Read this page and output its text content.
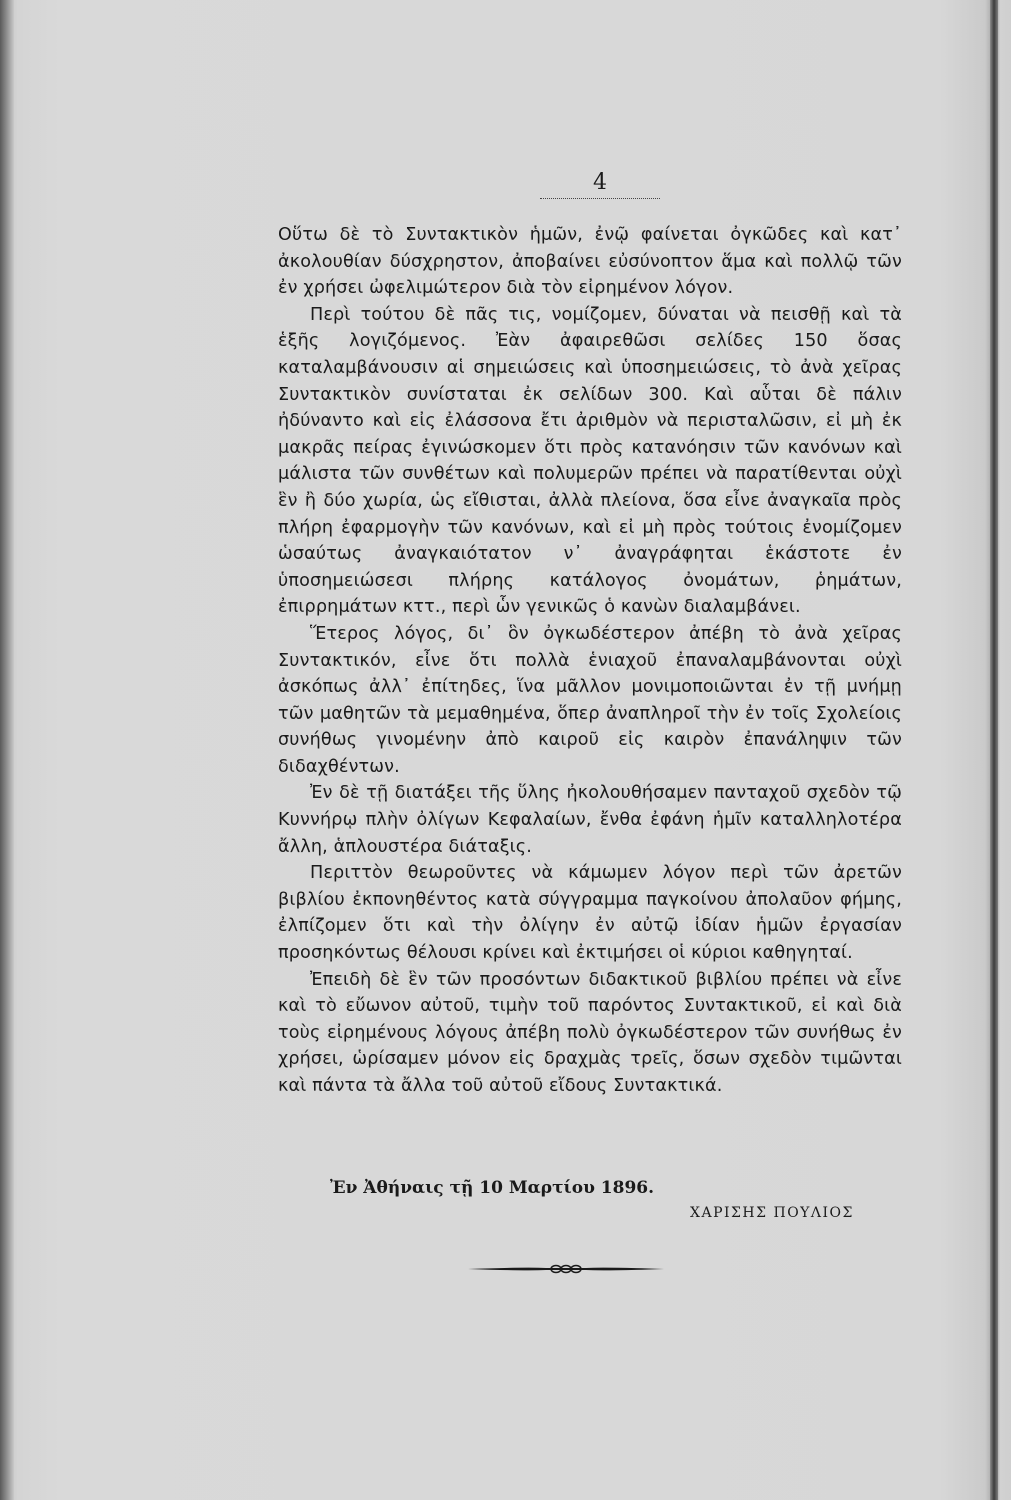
4

Οὕτω δὲ τὸ Συντακτικὸν ἡμῶν, ἐνῷ φαίνεται ὀγκῶδες καὶ κατ᾽ ἀκολουθίαν δύσχρηστον, ἀποβαίνει εὐσύνοπτον ἅμα καὶ πολλῷ τῶν ἐν χρήσει ὠφελιμώτερον διὰ τὸν εἰρημένον λόγον.

Περὶ τούτου δὲ πᾶς τις, νομίζομεν, δύναται νὰ πεισθῇ καὶ τὰ ἑξῆς λογιζόμενος. Ἐὰν ἀφαιρεθῶσι σελίδες 150 ὅσας καταλαμβάνουσιν αἱ σημειώσεις καὶ ὑποσημειώσεις, τὸ ἀνὰ χεῖρας Συντακτικὸν συνίσταται ἐκ σελίδων 300. Καὶ αὗται δὲ πάλιν ἠδύναντο καὶ εἰς ἐλάσσονα ἔτι ἀριθμὸν νὰ περισταλῶσιν, εἰ μὴ ἐκ μακρᾶς πείρας ἐγινώσκομεν ὅτι πρὸς κατανόησιν τῶν κανόνων καὶ μάλιστα τῶν συνθέτων καὶ πολυμερῶν πρέπει νὰ παρατίθενται οὐχὶ ἓν ἢ δύο χωρία, ὡς εἴθισται, ἀλλὰ πλείονα, ὅσα εἶνε ἀναγκαῖα πρὸς πλήρη ἐφαρμογὴν τῶν κανόνων, καὶ εἰ μὴ πρὸς τούτοις ἐνομίζομεν ὡσαύτως ἀναγκαιότατον ν᾽ ἀναγράφηται ἑκάστοτε ἐν ὑποσημειώσεσι πλήρης κατάλογος ὀνομάτων, ῥημάτων, ἐπιρρημάτων κττ., περὶ ὧν γενικῶς ὁ κανὼν διαλαμβάνει.

Ἕτερος λόγος, δι᾽ ὃν ὀγκωδέστερον ἀπέβη τὸ ἀνὰ χεῖρας Συντακτικόν, εἶνε ὅτι πολλὰ ἑνιαχοῦ ἐπαναλαμβάνονται οὐχὶ ἀσκόπως ἀλλ᾽ ἐπίτηδες, ἵνα μᾶλλον μονιμοποιῶνται ἐν τῇ μνήμῃ τῶν μαθητῶν τὰ μεμαθημένα, ὅπερ ἀναπληροῖ τὴν ἐν τοῖς Σχολείοις συνήθως γινομένην ἀπὸ καιροῦ εἰς καιρὸν ἐπανάληψιν τῶν διδαχθέντων.

Ἐν δὲ τῇ διατάξει τῆς ὕλης ἠκολουθήσαμεν πανταχοῦ σχεδὸν τῷ Κυννήρῳ πλὴν ὀλίγων Κεφαλαίων, ἔνθα ἐφάνη ἡμῖν καταλληλοτέρα ἄλλη, ἁπλουστέρα διάταξις.

Περιττὸν θεωροῦντες νὰ κάμωμεν λόγον περὶ τῶν ἀρετῶν βιβλίου ἐκπονηθέντος κατὰ σύγγραμμα παγκοίνου ἀπολαῦον φήμης, ἐλπίζομεν ὅτι καὶ τὴν ὀλίγην ἐν αὐτῷ ἰδίαν ἡμῶν ἐργασίαν προσηκόντως θέλουσι κρίνει καὶ ἐκτιμήσει οἱ κύριοι καθηγηταί.

Ἐπειδὴ δὲ ἓν τῶν προσόντων διδακτικοῦ βιβλίου πρέπει νὰ εἶνε καὶ τὸ εὔωνον αὐτοῦ, τιμὴν τοῦ παρόντος Συντακτικοῦ, εἰ καὶ διὰ τοὺς εἰρημένους λόγους ἀπέβη πολὺ ὀγκωδέστερον τῶν συνήθως ἐν χρήσει, ὡρίσαμεν μόνον εἰς δραχμὰς τρεῖς, ὅσων σχεδὸν τιμῶνται καὶ πάντα τὰ ἄλλα τοῦ αὐτοῦ εἴδους Συντακτικά.

Ἐν Ἀθήναις τῇ 10 Μαρτίου 1896.
ΧΑΡΙΣΗΣ ΠΟΥΛΙΟΣ
